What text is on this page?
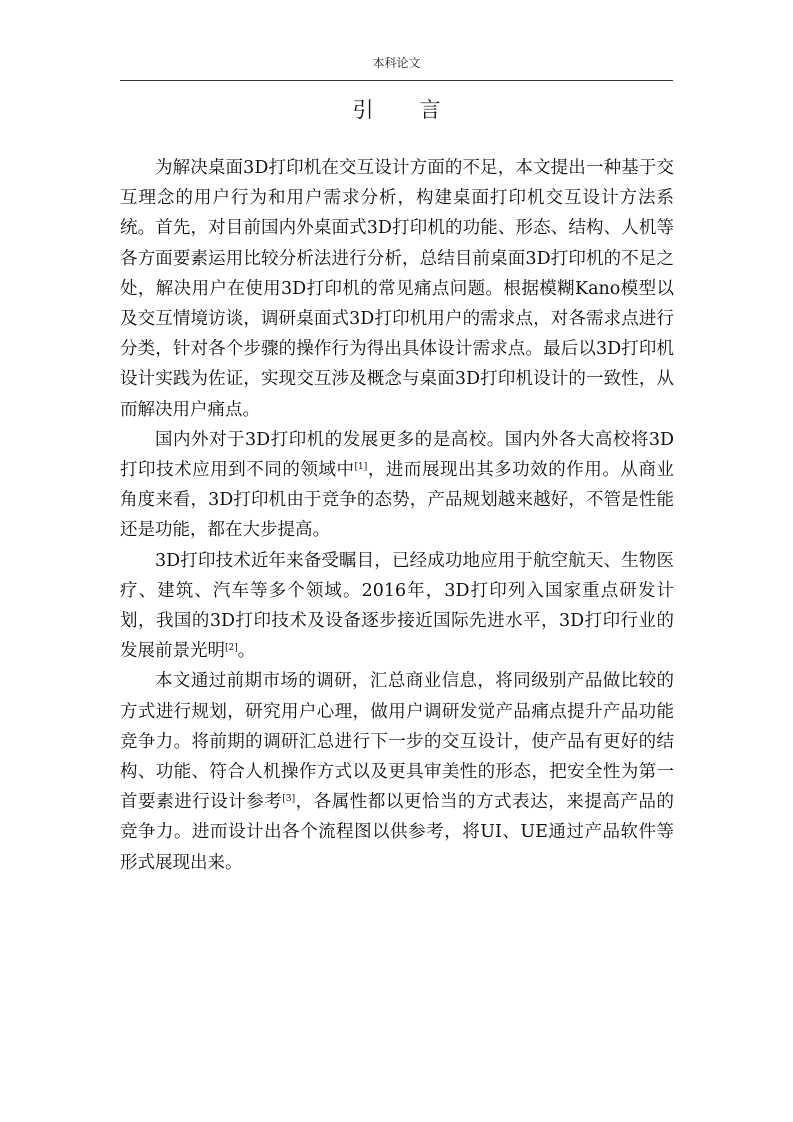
本科论文
引言

为解决桌面3D打印机在交互设计方面的不足，本文提出一种基于交互理念的用户行为和用户需求分析，构建桌面打印机交互设计方法系统。首先，对目前国内外桌面式3D打印机的功能、形态、结构、人机等各方面要素运用比较分析法进行分析，总结目前桌面3D打印机的不足之处，解决用户在使用3D打印机的常见痛点问题。根据模糊Kano模型以及交互情境访谈，调研桌面式3D打印机用户的需求点，对各需求点进行分类，针对各个步骤的操作行为得出具体设计需求点。最后以3D打印机设计实践为佐证，实现交互涉及概念与桌面3D打印机设计的一致性，从而解决用户痛点。

国内外对于3D打印机的发展更多的是高校。国内外各大高校将3D打印技术应用到不同的领域中[1]，进而展现出其多功效的作用。从商业角度来看，3D打印机由于竞争的态势，产品规划越来越好，不管是性能还是功能，都在大步提高。

3D打印技术近年来备受瞩目，已经成功地应用于航空航天、生物医疗、建筑、汽车等多个领域。2016年，3D打印列入国家重点研发计划，我国的3D打印技术及设备逐步接近国际先进水平，3D打印行业的发展前景光明[2]。

本文通过前期市场的调研，汇总商业信息，将同级别产品做比较的方式进行规划，研究用户心理，做用户调研发觉产品痛点提升产品功能竞争力。将前期的调研汇总进行下一步的交互设计，使产品有更好的结构、功能、符合人机操作方式以及更具审美性的形态，把安全性为第一首要素进行设计参考[3]，各属性都以更恰当的方式表达，来提高产品的竞争力。进而设计出各个流程图以供参考，将UI、UE通过产品软件等形式展现出来。
